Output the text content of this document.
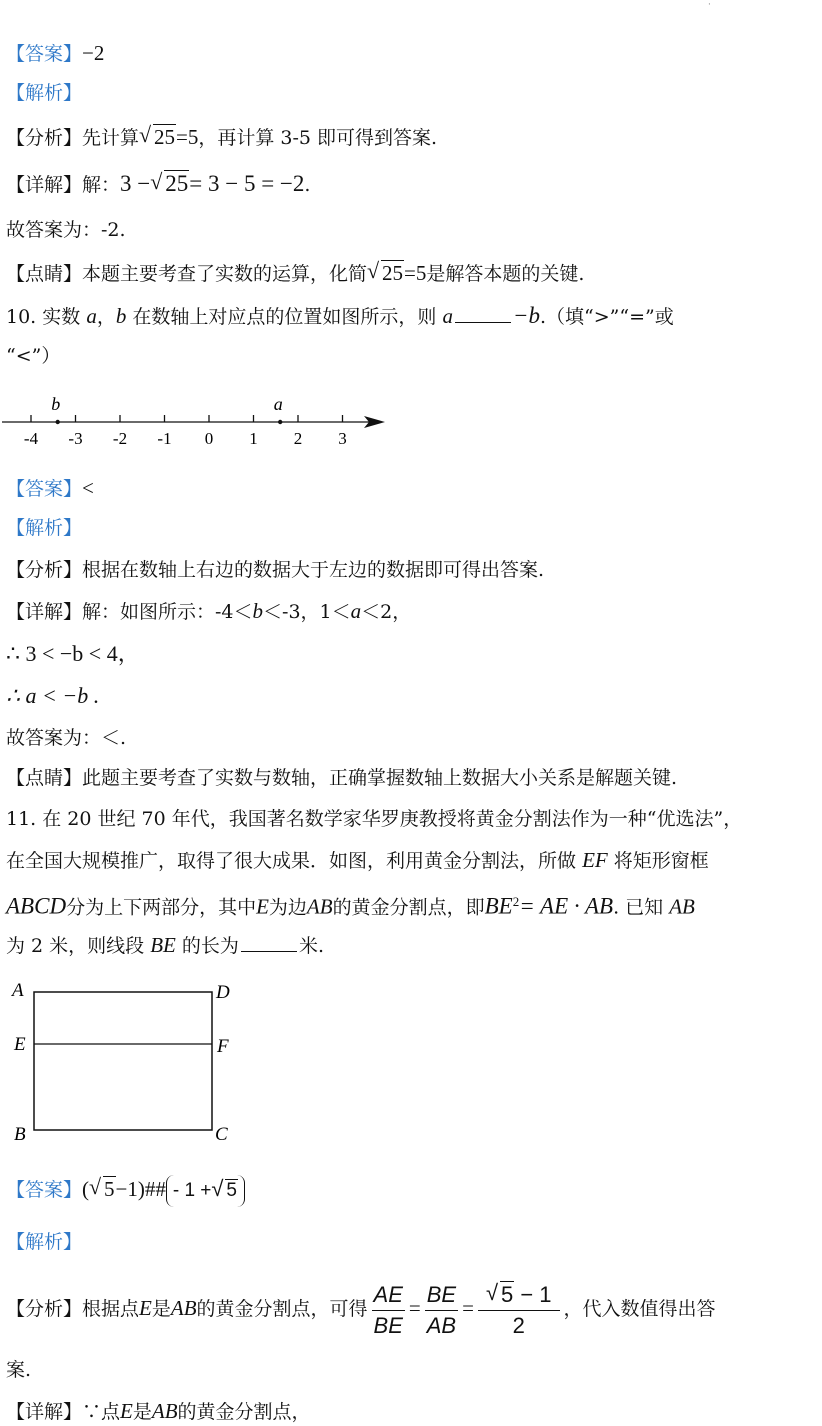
·
【答案】−2
【解析】
【分析】先计算 √ 25=5，再计算 3-5 即可得到答案.
【详解】解：3 − √ 25= 3 − 5 = −2.
故答案为：-2.
【点睛】本题主要考查了实数的运算，化简 √ 25=5是解答本题的关键.
10. 实数 a，b 在数轴上对应点的位置如图所示，则 a	−b.（填“>”“=”或
“<”）
-4 -3 -2 -1 0 1 2 3
b	a
【答案】<
【解析】
【分析】根据在数轴上右边的数据大于左边的数据即可得出答案.
【详解】解：如图所示：-4＜b＜-3，1＜a＜2，
∴ 3 < −b < 4，
∴ a < −b .
故答案为：＜.
【点睛】此题主要考查了实数与数轴，正确掌握数轴上数据大小关系是解题关键.
11. 在 20 世纪 70 年代，我国著名数学家华罗庚教授将黄金分割法作为一种“优选法”，
在全国大规模推广，取得了很大成果．如图，利用黄金分割法，所做 EF 将矩形窗框
ABCD分为上下两部分，其中E为边AB的黄金分割点，即$BE^2=$ AE · AB. 已知 AB
为 2 米，则线段 BE 的长为	米.
A	D
E	F
B	C
【答案】( √ 5−1)## - 1 + √ 5
【解析】
【分析】根据点E是AB的黄金分割点，可得 $\frac{AE}{BE} = \frac{BE}{AB}$ = √ $\frac{5 - 1}{2}$ ，代入数值得出答
案.
【详解】∵点E是AB的黄金分割点，
